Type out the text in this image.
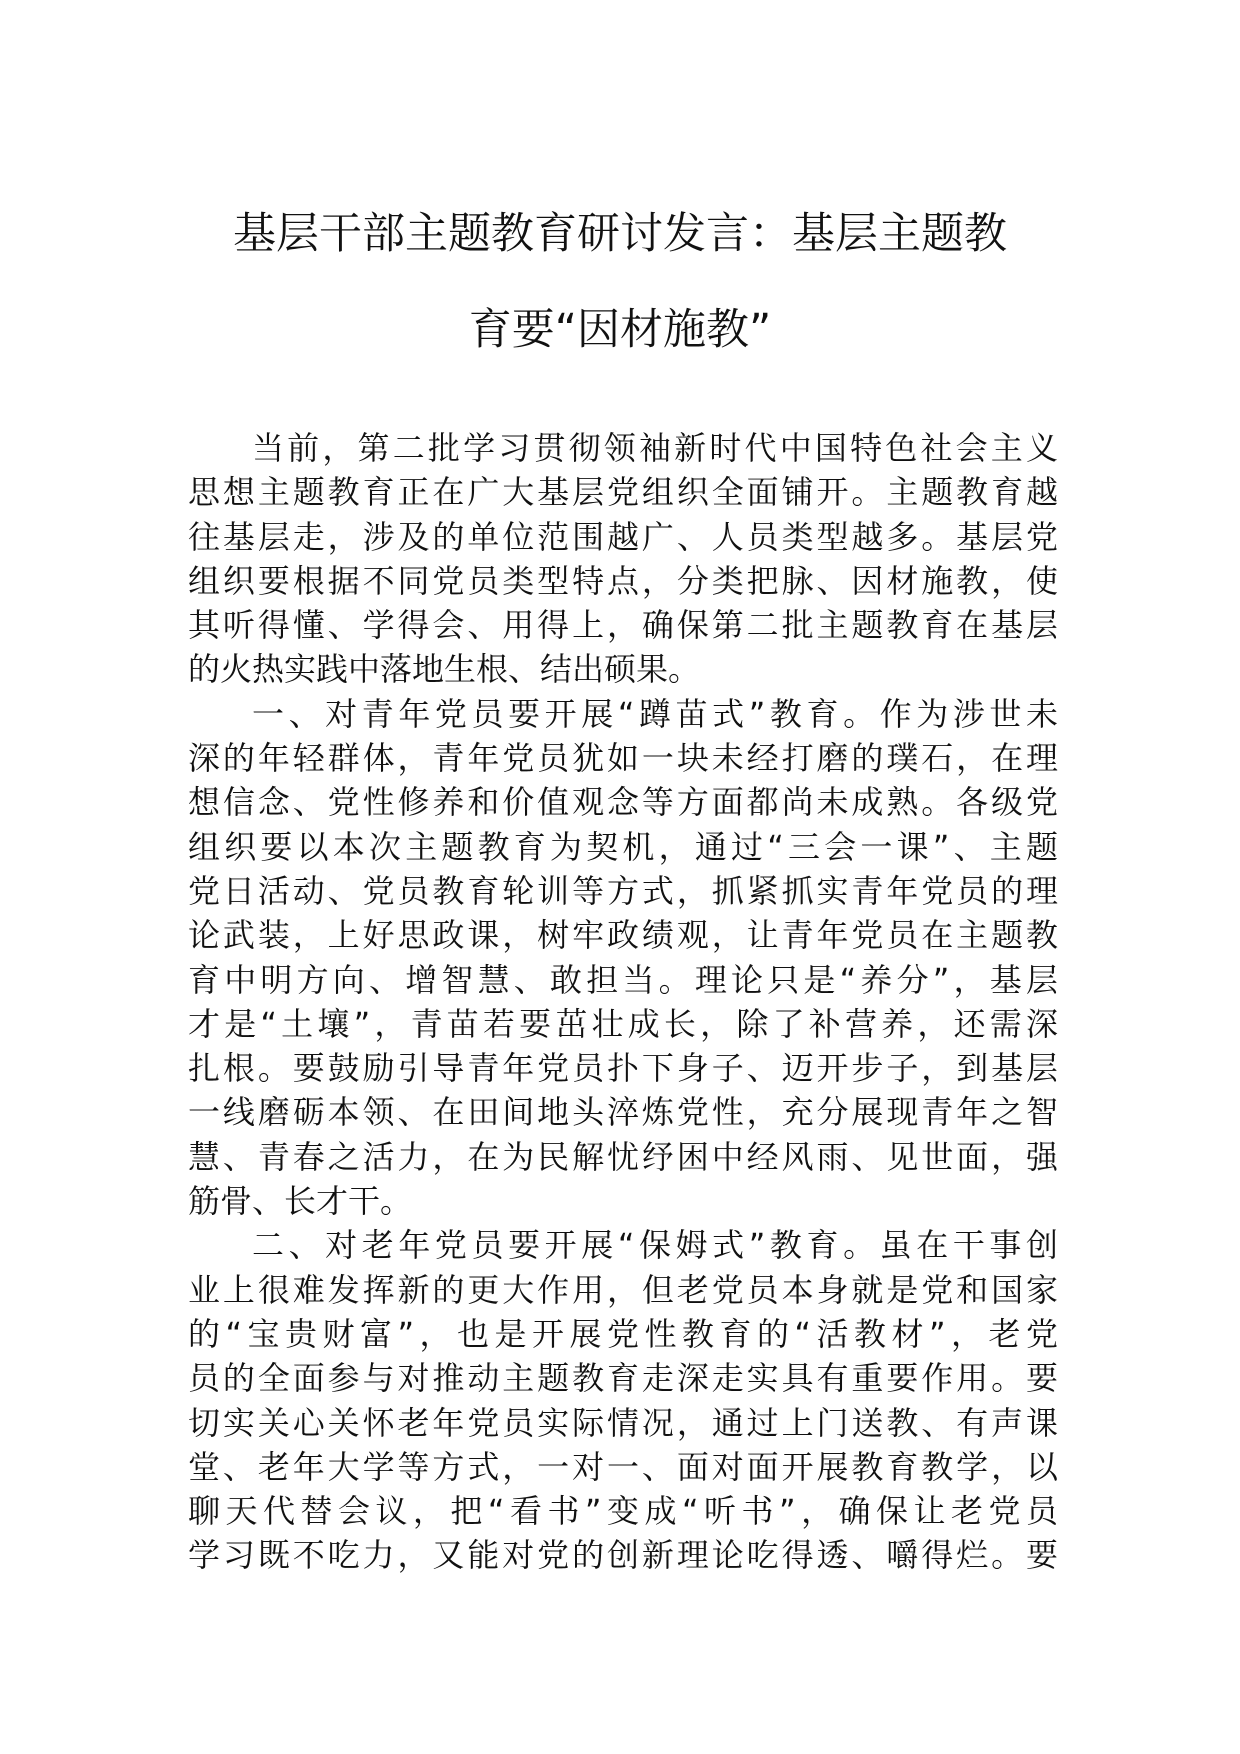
基层干部主题教育研讨发言：基层主题教
育要“因材施教”

当前，第二批学习贯彻领袖新时代中国特色社会主义
思想主题教育正在广大基层党组织全面铺开。主题教育越
往基层走，涉及的单位范围越广、人员类型越多。基层党
组织要根据不同党员类型特点，分类把脉、因材施教，使
其听得懂、学得会、用得上，确保第二批主题教育在基层
的火热实践中落地生根、结出硕果。

一、对青年党员要开展“蹲苗式”教育。作为涉世未
深的年轻群体，青年党员犹如一块未经打磨的璞石，在理
想信念、党性修养和价值观念等方面都尚未成熟。各级党
组织要以本次主题教育为契机，通过“三会一课”、主题
党日活动、党员教育轮训等方式，抓紧抓实青年党员的理
论武装，上好思政课，树牢政绩观，让青年党员在主题教
育中明方向、增智慧、敢担当。理论只是“养分”，基层
才是“土壤”，青苗若要茁壮成长，除了补营养，还需深
扎根。要鼓励引导青年党员扑下身子、迈开步子，到基层
一线磨砺本领、在田间地头淬炼党性，充分展现青年之智
慧、青春之活力，在为民解忧纾困中经风雨、见世面，强
筋骨、长才干。

二、对老年党员要开展“保姆式”教育。虽在干事创
业上很难发挥新的更大作用，但老党员本身就是党和国家
的“宝贵财富”，也是开展党性教育的“活教材”，老党
员的全面参与对推动主题教育走深走实具有重要作用。要
切实关心关怀老年党员实际情况，通过上门送教、有声课
堂、老年大学等方式，一对一、面对面开展教育教学，以
聊天代替会议，把“看书”变成“听书”，确保让老党员
学习既不吃力，又能对党的创新理论吃得透、嚼得烂。要
